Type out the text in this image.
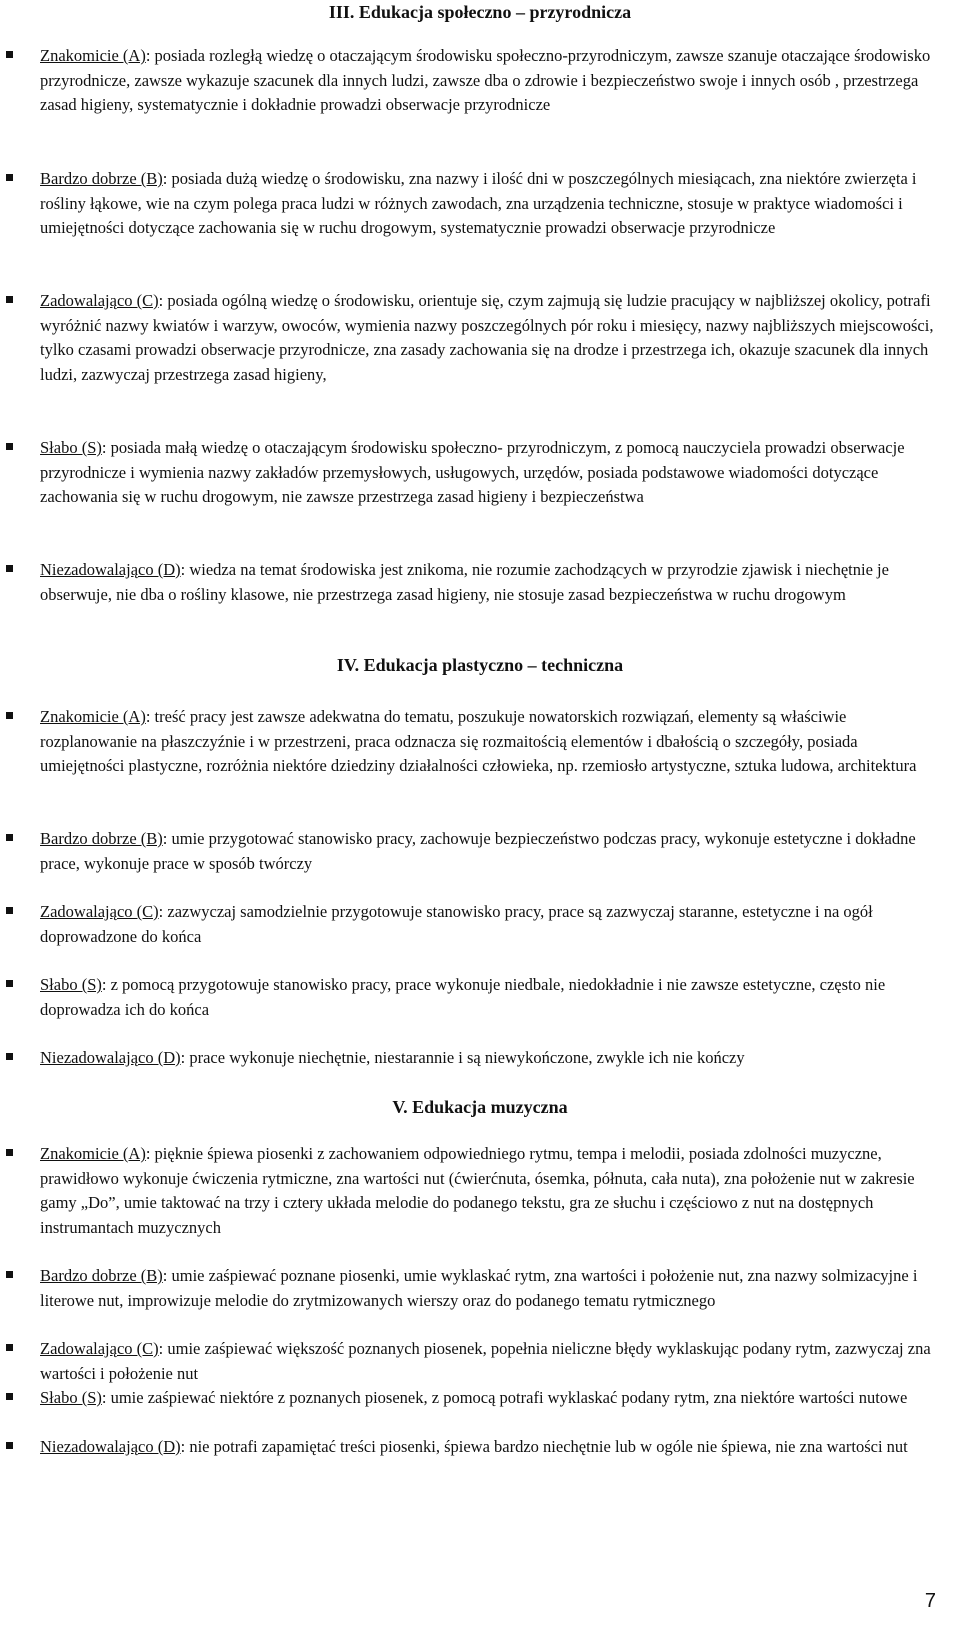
III. Edukacja społeczno – przyrodnicza

Znakomicie (A): posiada rozległą wiedzę o otaczającym środowisku społeczno-przyrodniczym, zawsze szanuje otaczające środowisko przyrodnicze, zawsze wykazuje szacunek dla innych ludzi, zawsze dba o zdrowie i bezpieczeństwo swoje i innych osób , przestrzega zasad higieny, systematycznie i dokładnie prowadzi obserwacje przyrodnicze

Bardzo dobrze (B): posiada dużą wiedzę o środowisku, zna nazwy i ilość dni w poszczególnych miesiącach, zna niektóre zwierzęta i rośliny łąkowe, wie na czym polega praca ludzi w różnych zawodach, zna urządzenia techniczne, stosuje w praktyce wiadomości i umiejętności dotyczące zachowania się w ruchu drogowym, systematycznie prowadzi obserwacje przyrodnicze

Zadowalająco (C): posiada ogólną wiedzę o środowisku, orientuje się, czym zajmują się ludzie pracujący w najbliższej okolicy, potrafi wyróżnić nazwy kwiatów i warzyw, owoców, wymienia nazwy poszczególnych pór roku i miesięcy, nazwy najbliższych miejscowości, tylko czasami prowadzi obserwacje przyrodnicze, zna zasady zachowania się na drodze i przestrzega ich, okazuje szacunek dla innych ludzi, zazwyczaj przestrzega zasad higieny,

Słabo (S): posiada małą wiedzę o otaczającym środowisku społeczno- przyrodniczym, z pomocą nauczyciela prowadzi obserwacje przyrodnicze i wymienia nazwy zakładów przemysłowych, usługowych, urzędów, posiada podstawowe wiadomości dotyczące zachowania się w ruchu drogowym, nie zawsze przestrzega zasad higieny i bezpieczeństwa

Niezadowalająco (D): wiedza na temat środowiska jest znikoma, nie rozumie zachodzących w przyrodzie zjawisk i niechętnie je obserwuje, nie dba o rośliny klasowe, nie przestrzega zasad higieny, nie stosuje zasad bezpieczeństwa w ruchu drogowym

IV. Edukacja plastyczno – techniczna

Znakomicie (A): treść pracy jest zawsze adekwatna do tematu, poszukuje nowatorskich rozwiązań, elementy są właściwie rozplanowanie na płaszczyźnie i w przestrzeni, praca odznacza się rozmaitością elementów i dbałością o szczegóły, posiada umiejętności plastyczne, rozróżnia niektóre dziedziny działalności człowieka, np. rzemiosło artystyczne, sztuka ludowa, architektura

Bardzo dobrze (B): umie przygotować stanowisko pracy, zachowuje bezpieczeństwo podczas pracy, wykonuje estetyczne i dokładne prace, wykonuje prace w sposób twórczy

Zadowalająco (C): zazwyczaj samodzielnie przygotowuje stanowisko pracy, prace są zazwyczaj staranne, estetyczne i na ogół doprowadzone do końca

Słabo (S): z pomocą przygotowuje stanowisko pracy, prace wykonuje niedbale, niedokładnie i nie zawsze estetyczne, często nie doprowadza ich do końca

Niezadowalająco (D): prace wykonuje niechętnie, niestarannie i są niewykończone, zwykle ich nie kończy

V. Edukacja muzyczna

Znakomicie (A): pięknie śpiewa piosenki z zachowaniem odpowiedniego rytmu, tempa i melodii, posiada zdolności muzyczne, prawidłowo wykonuje ćwiczenia rytmiczne, zna wartości nut (ćwierćnuta, ósemka, półnuta, cała nuta), zna położenie nut w zakresie gamy „Do”, umie taktować na trzy i cztery układa melodie do podanego tekstu, gra ze słuchu i częściowo z nut na dostępnych instrumantach muzycznych

Bardzo dobrze (B): umie zaśpiewać poznane piosenki, umie wyklaskać rytm, zna wartości i położenie nut, zna nazwy solmizacyjne i literowe nut, improwizuje melodie do zrytmizowanych wierszy oraz do podanego tematu rytmicznego

Zadowalająco (C): umie zaśpiewać większość poznanych piosenek, popełnia nieliczne błędy wyklaskując podany rytm, zazwyczaj zna wartości i położenie nut

Słabo (S): umie zaśpiewać niektóre z poznanych piosenek, z pomocą potrafi wyklaskać podany rytm, zna niektóre wartości nutowe

Niezadowalająco (D): nie potrafi zapamiętać treści piosenki, śpiewa bardzo niechętnie lub w ogóle nie śpiewa, nie zna wartości nut

7
